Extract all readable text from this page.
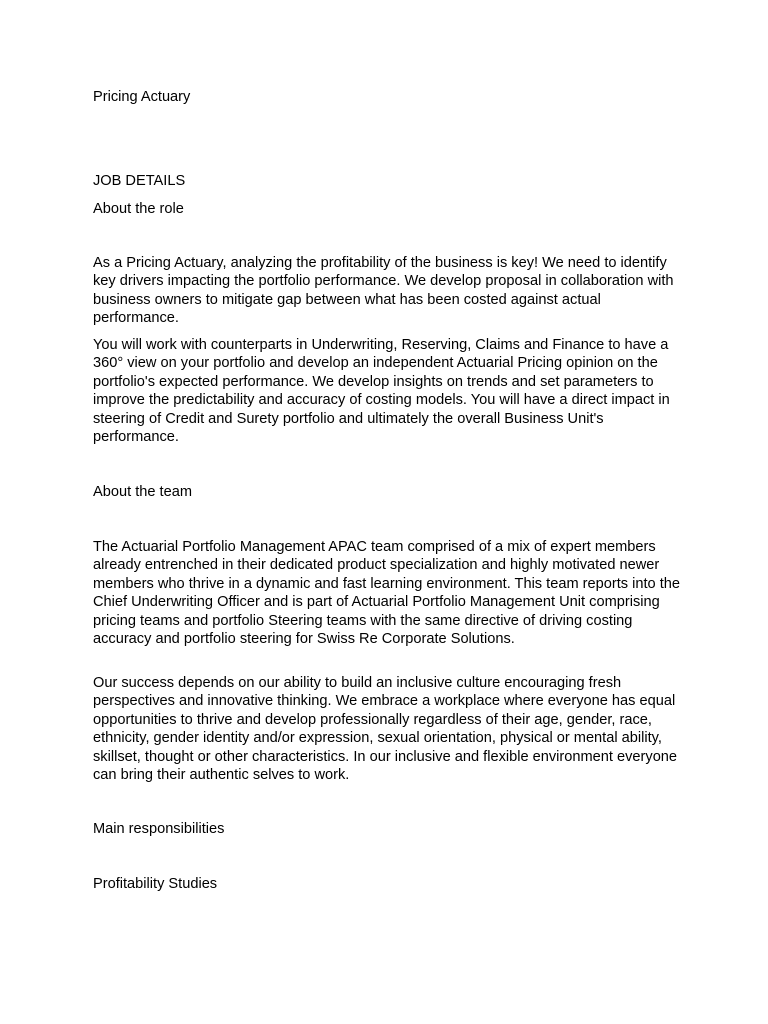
Pricing Actuary
JOB DETAILS
About the role
As a Pricing Actuary, analyzing the profitability of the business is key! We need to identify key drivers impacting the portfolio performance. We develop proposal in collaboration with business owners to mitigate gap between what has been costed against actual performance.
You will work with counterparts in Underwriting, Reserving, Claims and Finance to have a 360° view on your portfolio and develop an independent Actuarial Pricing opinion on the portfolio's expected performance. We develop insights on trends and set parameters to improve the predictability and accuracy of costing models. You will have a direct impact in steering of Credit and Surety portfolio and ultimately the overall Business Unit's performance.
About the team
The Actuarial Portfolio Management APAC team comprised of a mix of expert members already entrenched in their dedicated product specialization and highly motivated newer members who thrive in a dynamic and fast learning environment. This team reports into the Chief Underwriting Officer and is part of Actuarial Portfolio Management Unit comprising pricing teams and portfolio Steering teams with the same directive of driving costing accuracy and portfolio steering for Swiss Re Corporate Solutions.
Our success depends on our ability to build an inclusive culture encouraging fresh perspectives and innovative thinking. We embrace a workplace where everyone has equal opportunities to thrive and develop professionally regardless of their age, gender, race, ethnicity, gender identity and/or expression, sexual orientation, physical or mental ability, skillset, thought or other characteristics. In our inclusive and flexible environment everyone can bring their authentic selves to work.
Main responsibilities
Profitability Studies
